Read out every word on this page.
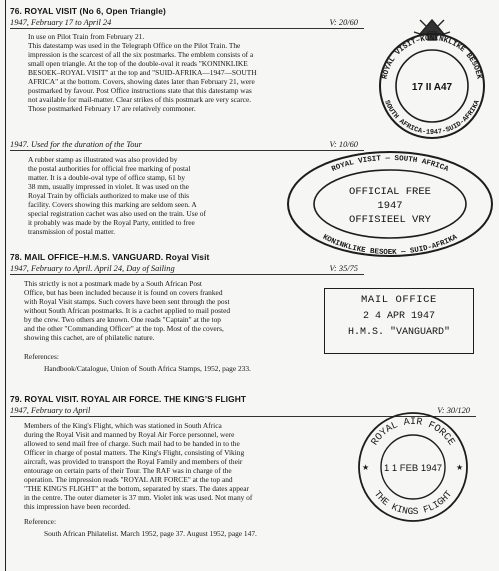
76. ROYAL VISIT (No 6, Open Triangle)
1947, February 17 to April 24	V: 20/60
In use on Pilot Train from February 21.
This datestamp was used in the Telegraph Office on the Pilot Train. The
impression is the scarcest of all the six postmarks. The emblem consists of a
small open triangle. At the top of the double-oval it reads "KONINKLIKE
BESOEK–ROYAL VISIT" at the top and "SUID-AFRIKA—1947—SOUTH
AFRICA" at the bottom. Covers, showing dates later than February 21, were
postmarked by favour. Post Office instructions state that this datestamp was
not available for mail-matter. Clear strikes of this postmark are very scarce.
Those postmarked February 17 are relatively commoner.
ROYAL VISIT–KONINKLIKE BESOEK
SOUTH AFRICA-1947-SUID-AFRIKA
17 II A47
1947. Used for the duration of the Tour	V: 10/60
A rubber stamp as illustrated was also provided by
the postal authorities for official free marking of postal
matter. It is a double-oval type of office stamp, 61 by
38 mm, usually impressed in violet. It was used on the
Royal Train by officials authorized to make use of this
facility. Covers showing this marking are seldom seen. A
special registration cachet was also used on the train. Use of
it probably was made by the Royal Party, entitled to free
transmission of postal matter.
ROYAL VISIT — SOUTH AFRICA
KONINKLIKE BESOEK — SUID-AFRIKA
OFFICIAL FREE
1947
OFFISIEEL VRY
78. MAIL OFFICE–H.M.S. VANGUARD. Royal Visit
1947, February to April. April 24, Day of Sailing	V: 35/75
This strictly is not a postmark made by a South African Post
Office, but has been included because it is found on covers franked
with Royal Visit stamps. Such covers have been sent through the post
without South African postmarks. It is a cachet applied to mail posted
by the crew. Two others are known. One reads "Captain" at the top
and the other "Commanding Officer" at the top. Most of the covers,
showing this cachet, are of philatelic nature.
References:
Handbook/Catalogue, Union of South Africa Stamps, 1952, page 233.
MAIL OFFICE
2 4 APR 1947
H.M.S. "VANGUARD"
79. ROYAL VISIT. ROYAL AIR FORCE. THE KING’S FLIGHT
1947, February to April	V: 30/120
Members of the King's Flight, which was stationed in South Africa
during the Royal Visit and manned by Royal Air Force personnel, were
allowed to send mail free of charge. Such mail had to be handed in to the
Officer in charge of postal matters. The King's Flight, consisting of Viking
aircraft, was provided to transport the Royal Family and members of their
entourage on certain parts of their Tour. The RAF was in charge of the
operation. The impression reads "ROYAL AIR FORCE" at the top and
"THE KING'S FLIGHT" at the bottom, separated by stars. The dates appear
in the centre. The outer diameter is 37 mm. Violet ink was used. Not many of
this impression have been recorded.
Reference:
South African Philatelist. March 1952, page 37. August 1952, page 147.
ROYAL AIR FORCE
THE KINGS FLIGHT
★	★
1 1 FEB 1947
